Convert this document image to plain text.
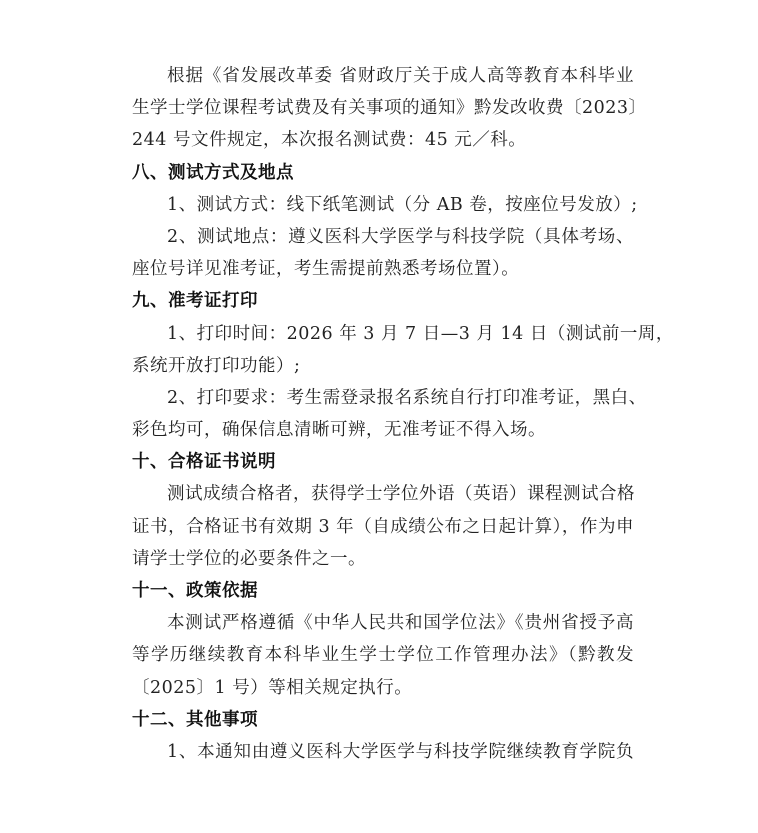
根据《省发展改革委 省财政厅关于成人高等教育本科毕业
生学士学位课程考试费及有关事项的通知》黔发改收费〔2023〕
244 号文件规定，本次报名测试费：45 元／科。
八、测试方式及地点
1、测试方式：线下纸笔测试（分 AB 卷，按座位号发放）;
2、测试地点：遵义医科大学医学与科技学院（具体考场、
座位号详见准考证，考生需提前熟悉考场位置）。
九、准考证打印
1、打印时间：2026 年 3 月 7 日—3 月 14 日（测试前一周，
系统开放打印功能）;
2、打印要求：考生需登录报名系统自行打印准考证，黑白、
彩色均可，确保信息清晰可辨，无准考证不得入场。
十、合格证书说明
测试成绩合格者，获得学士学位外语（英语）课程测试合格
证书，合格证书有效期 3 年（自成绩公布之日起计算），作为申
请学士学位的必要条件之一。
十一、政策依据
本测试严格遵循《中华人民共和国学位法》《贵州省授予高
等学历继续教育本科毕业生学士学位工作管理办法》（黔教发
〔2025〕1 号）等相关规定执行。
十二、其他事项
1、本通知由遵义医科大学医学与科技学院继续教育学院负
